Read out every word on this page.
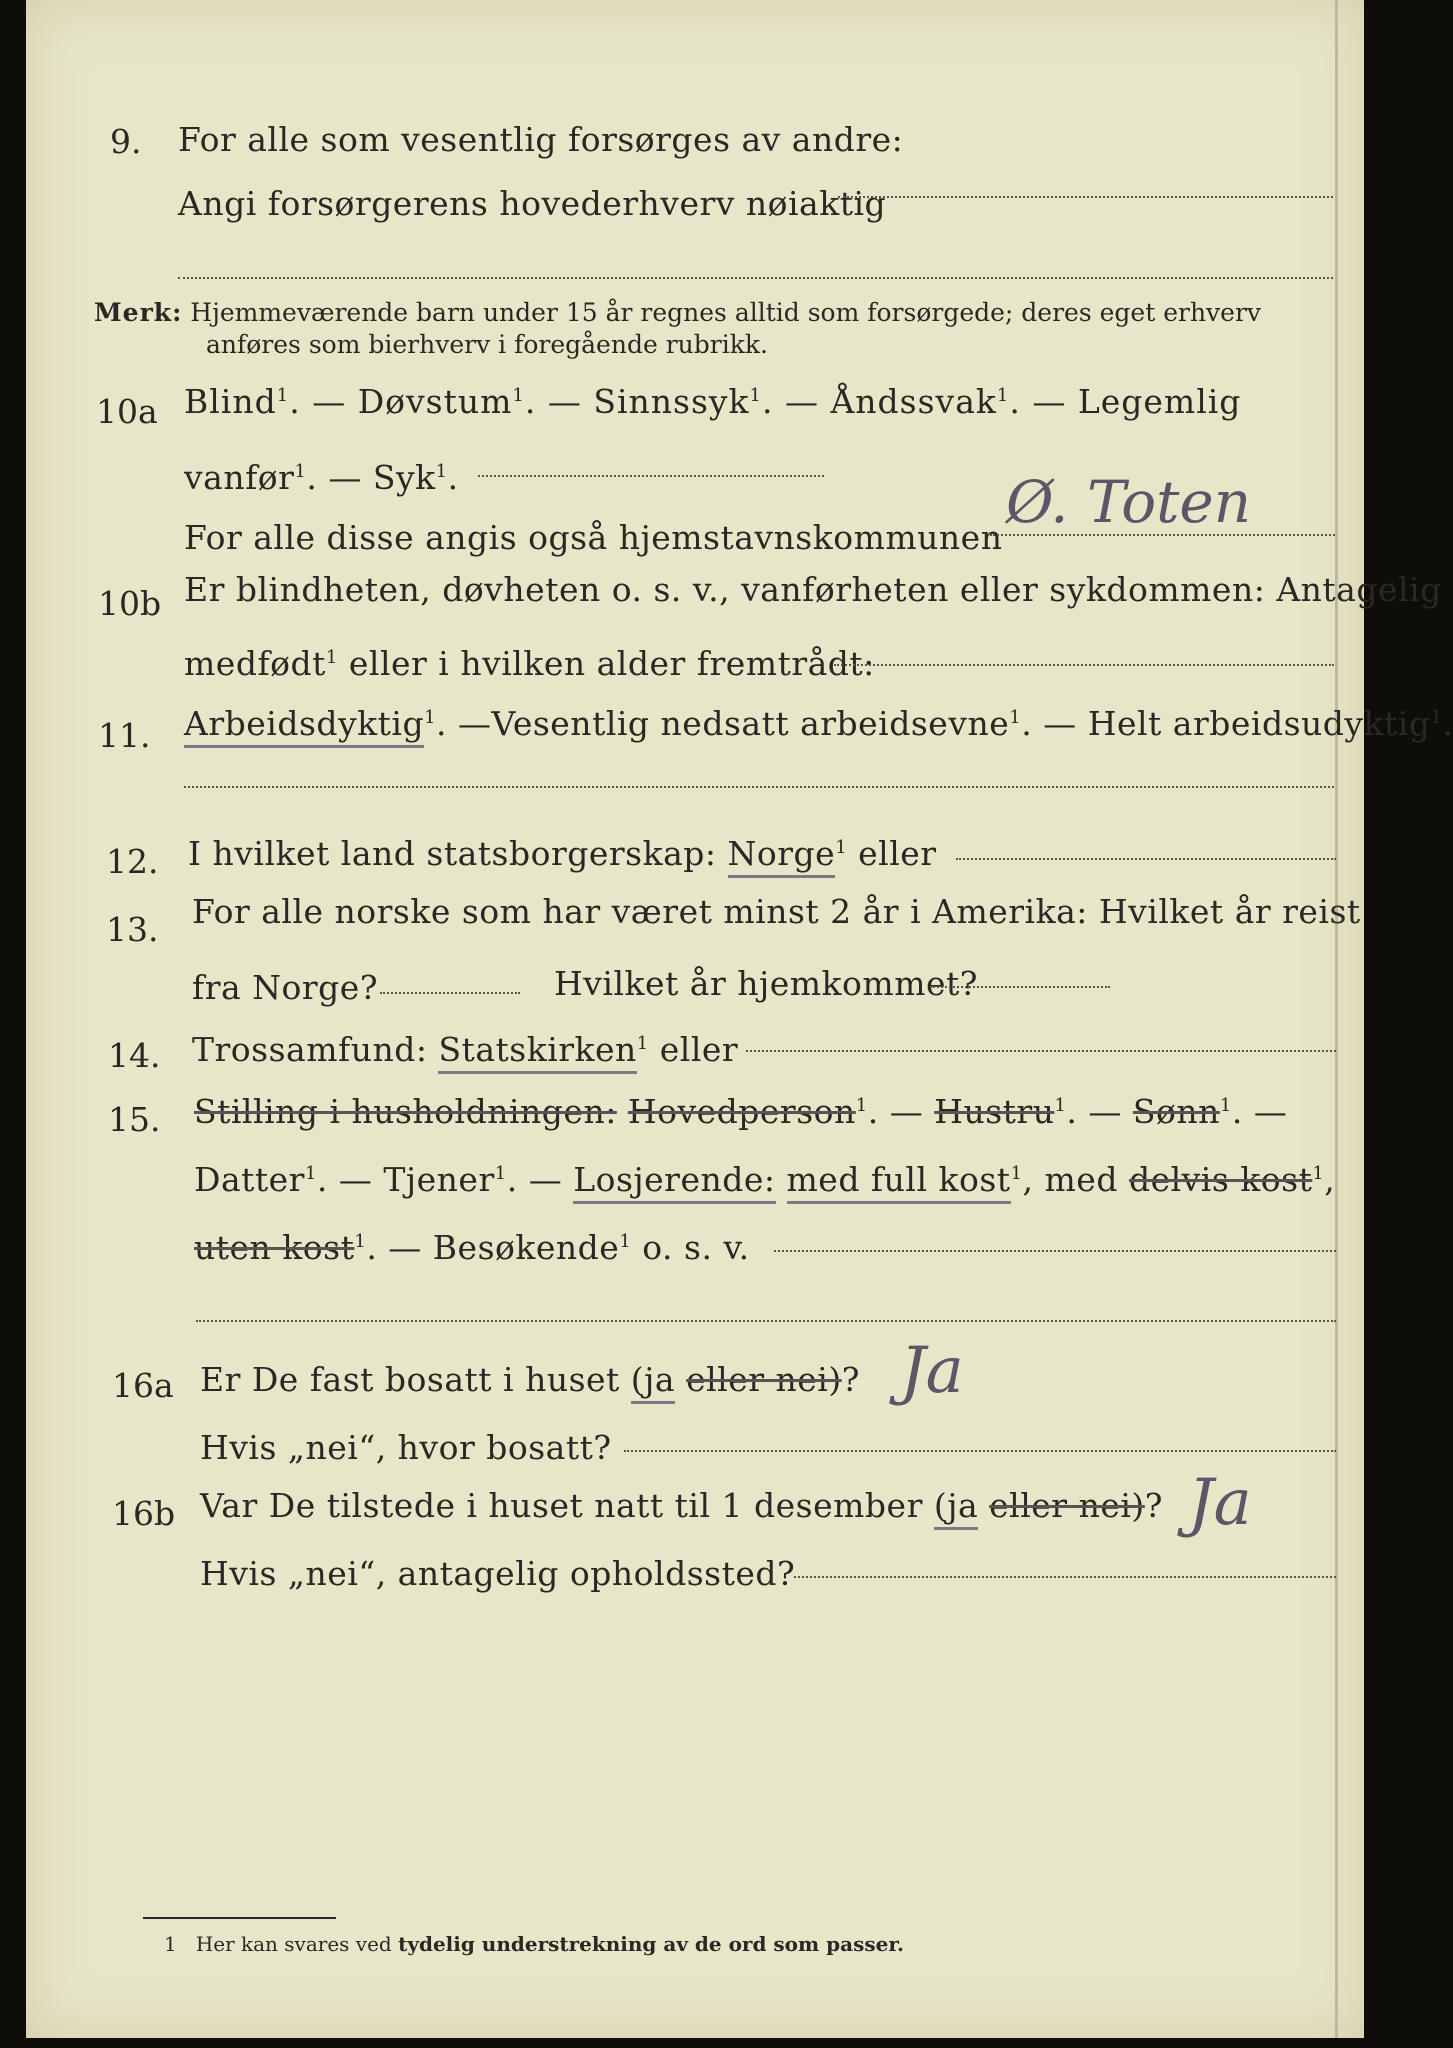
9. For alle som vesentlig forsørges av andre:
Angi forsørgerens hovederhverv nøiaktig
Merk: Hjemmeværende barn under 15 år regnes alltid som forsørgede; deres eget erhverv
anføres som bierhverv i foregående rubrikk.
10a Blind$^1$. — Døvstum$^1$. — Sinnssyk$^1$. — Åndssvak$^1$. — Legemlig
vanfør$^1$. — Syk$^1$.
For alle disse angis også hjemstavnskommunen
Ø. Toten
10b Er blindheten, døvheten o. s. v., vanførheten eller sykdommen: Antagelig
medfødt$^1$ eller i hvilken alder fremtrådt:
11. Arbeidsdyktig$^1$. —Vesentlig nedsatt arbeidsevne$^1$. — Helt arbeidsudyktig$^1$.
12. I hvilket land statsborgerskap: Norge$^1$ eller
13. For alle norske som har været minst 2 år i Amerika: Hvilket år reist
fra Norge?	Hvilket år hjemkommet?
14. Trossamfund: Statskirken$^1$ eller
15. Stilling i husholdningen: Hovedperson$^1$. — Hustru$^1$. — Sønn$^1$. —
Datter$^1$. — Tjener$^1$. — Losjerende: med full kost$^1$, med delvis kost$^1$,
uten kost$^1$. — Besøkende$^1$ o. s. v.
16a Er De fast bosatt i huset (ja eller nei)? Ja
Hvis „nei“, hvor bosatt?
16b Var De tilstede i huset natt til 1 desember (ja eller nei)? Ja
Hvis „nei“, antagelig opholdssted?
1 Her kan svares ved tydelig understrekning av de ord som passer.
